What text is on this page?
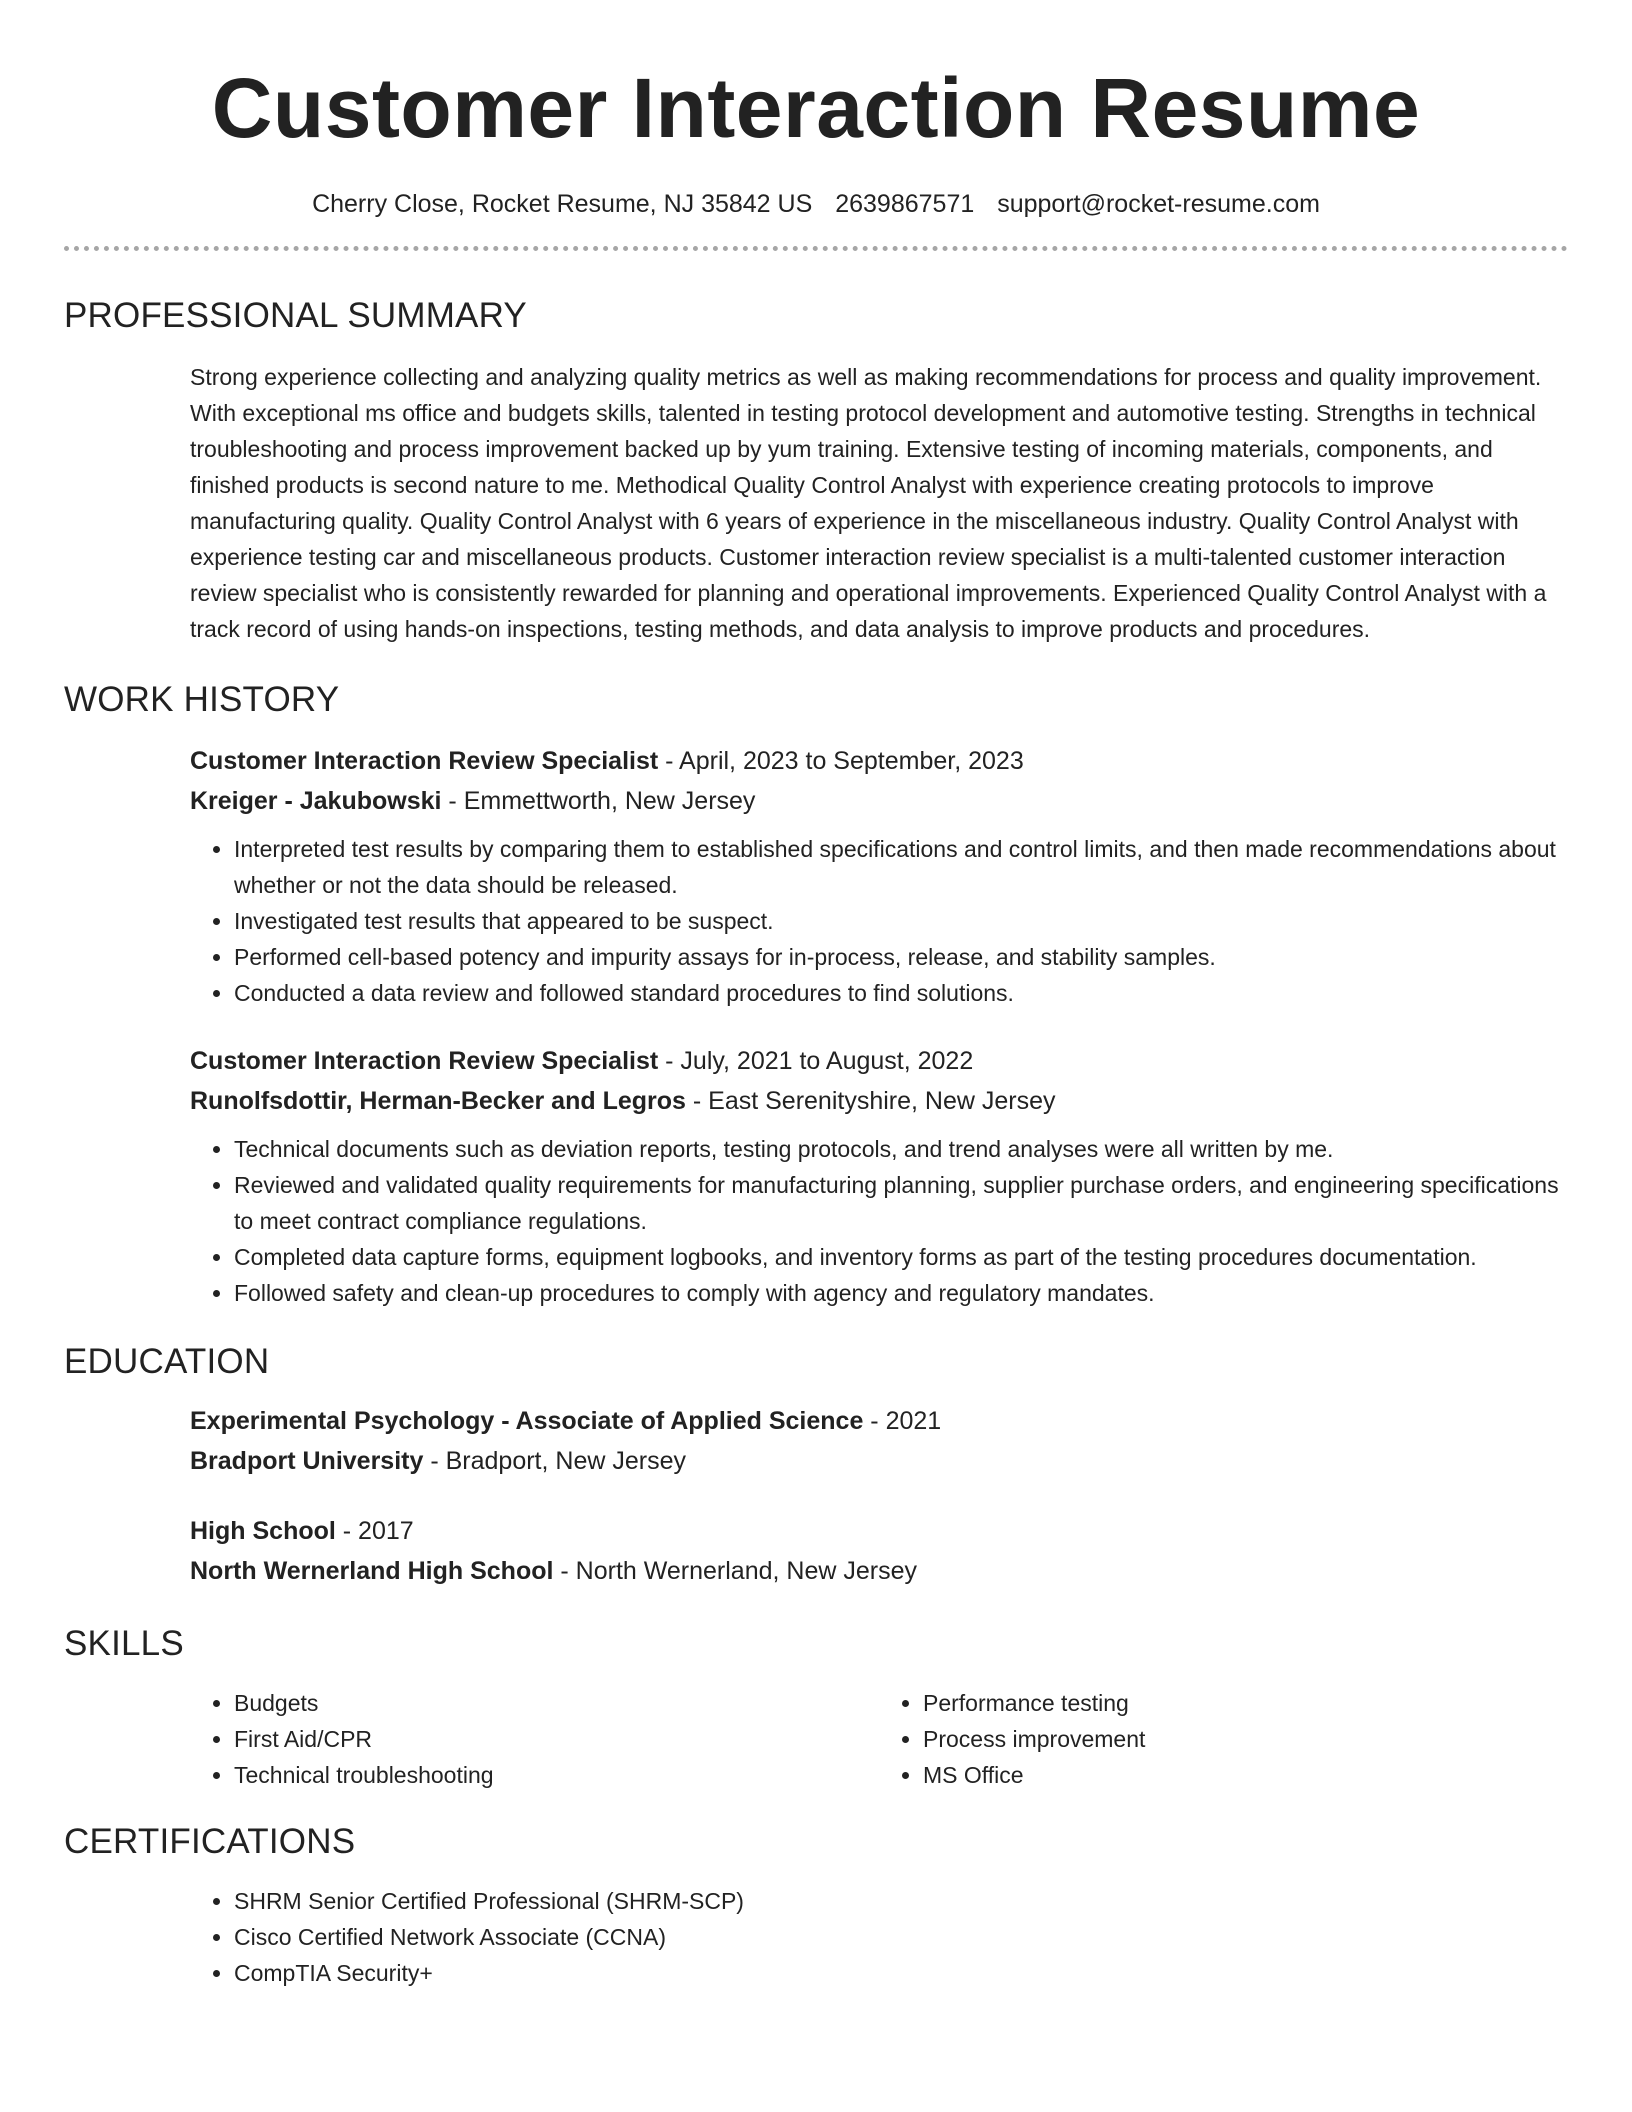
Customer Interaction Resume
Cherry Close, Rocket Resume, NJ 35842 US 2639867571 support@rocket-resume.com
PROFESSIONAL SUMMARY

Strong experience collecting and analyzing quality metrics as well as making recommendations for process and quality improvement. With exceptional ms office and budgets skills, talented in testing protocol development and automotive testing. Strengths in technical troubleshooting and process improvement backed up by yum training. Extensive testing of incoming materials, components, and finished products is second nature to me. Methodical Quality Control Analyst with experience creating protocols to improve manufacturing quality. Quality Control Analyst with 6 years of experience in the miscellaneous industry. Quality Control Analyst with experience testing car and miscellaneous products. Customer interaction review specialist is a multi-talented customer interaction review specialist who is consistently rewarded for planning and operational improvements. Experienced Quality Control Analyst with a track record of using hands-on inspections, testing methods, and data analysis to improve products and procedures.

WORK HISTORY

Customer Interaction Review Specialist - April, 2023 to September, 2023

Kreiger - Jakubowski - Emmettworth, New Jersey

• Interpreted test results by comparing them to established specifications and control limits, and then made recommendations about whether or not the data should be released.
• Investigated test results that appeared to be suspect.
• Performed cell-based potency and impurity assays for in-process, release, and stability samples.
• Conducted a data review and followed standard procedures to find solutions.

Customer Interaction Review Specialist - July, 2021 to August, 2022

Runolfsdottir, Herman-Becker and Legros - East Serenityshire, New Jersey

• Technical documents such as deviation reports, testing protocols, and trend analyses were all written by me.
• Reviewed and validated quality requirements for manufacturing planning, supplier purchase orders, and engineering specifications to meet contract compliance regulations.
• Completed data capture forms, equipment logbooks, and inventory forms as part of the testing procedures documentation.
• Followed safety and clean-up procedures to comply with agency and regulatory mandates.
EDUCATION

Experimental Psychology - Associate of Applied Science - 2021

Bradport University - Bradport, New Jersey

High School - 2017

North Wernerland High School - North Wernerland, New Jersey

SKILLS
• Budgets
• First Aid/CPR
• Technical troubleshooting
• Performance testing
• Process improvement
• MS Office
CERTIFICATIONS
• SHRM Senior Certified Professional (SHRM-SCP)
• Cisco Certified Network Associate (CCNA)
• CompTIA Security+
